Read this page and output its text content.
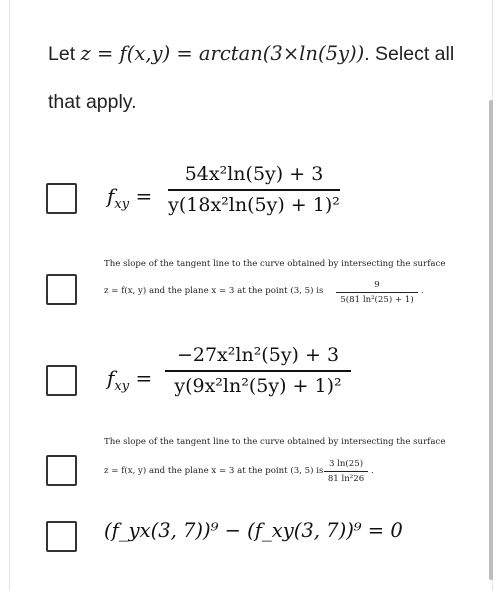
Let z = f(x,y) = arctan(3×ln(5y)). Select all that apply.
$f_{xy}$ =
54x²ln(5y) + 3
y(18x²ln(5y) + 1)²
The slope of the tangent line to the curve obtained by intersecting the surface
z = f(x, y) and the plane x = 3 at the point (3, 5) is
9
5(81 ln²(25) + 1)
.
$f_{xy}$ =
−27x²ln²(5y) + 3
y(9x²ln²(5y) + 1)²
The slope of the tangent line to the curve obtained by intersecting the surface
z = f(x, y) and the plane x = 3 at the point (3, 5) is
3 ln(25)
81 ln²26
.
(f_yx(3, 7))⁹ − (f_xy(3, 7))⁹ = 0
